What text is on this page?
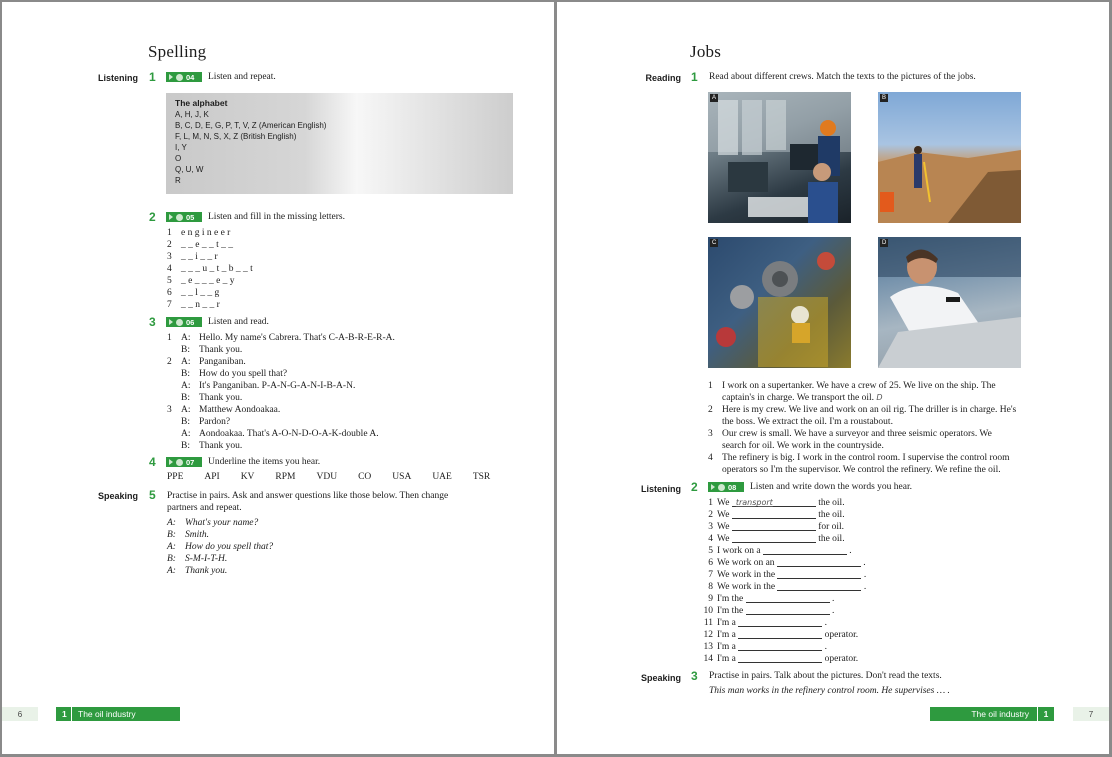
Spelling
Listening 1	04 Listen and repeat.
The alphabet
A, H, J, K
B, C, D, E, G, P, T, V, Z (American English)
F, L, M, N, S, X, Z (British English)
I, Y
O
Q, U, W
R
2	05 Listen and fill in the missing letters.
1 e n g i n e e r
2 _ _ e _ _ t _ _
3 _ _ i _ _ r
4 _ _ _ u _ t _ b _ _ t
5 _ e _ _ _ e _ y
6 _ _ l _ _ g
7 _ _ n _ _ r
3	06 Listen and read.
1 A: Hello. My name's Cabrera. That's C-A-B-R-E-R-A.
B: Thank you.
2 A: Panganiban.
B: How do you spell that?
A: It's Panganiban. P-A-N-G-A-N-I-B-A-N.
B: Thank you.
3 A: Matthew Aondoakaa.
B: Pardon?
A: Aondoakaa. That's A-O-N-D-O-A-K-double A.
B: Thank you.
4	07 Underline the items you hear.
PPE API KV RPM VDU CO USA UAE TSR
Speaking 5 Practise in pairs. Ask and answer questions like those below. Then change
partners and repeat.
A: What's your name?
B: Smith.
A: How do you spell that?
B: S-M-I-T-H.
A: Thank you.
6	1 The oil industry
Jobs
Reading 1 Read about different crews. Match the texts to the pictures of the jobs.
A	B
C	D
1 I work on a supertanker. We have a crew of 25. We live on the ship. The
captain's in charge. We transport the oil. D
2 Here is my crew. We live and work on an oil rig. The driller is in charge. He's
the boss. We extract the oil. I'm a roustabout.
3 Our crew is small. We have a surveyor and three seismic operators. We
search for oil. We work in the countryside.
4 The refinery is big. I work in the control room. I supervise the control room
operators so I'm the supervisor. We control the refinery. We refine the oil.
Listening 2	08 Listen and write down the words you hear.
1 We
transport
	the oil.
2 We

	the oil.
3 We

	for oil.
4 We

	the oil.
5 I work on a

	.
6 We work on an

	.
7 We work in the

	.
8 We work in the

	.
9 I'm the

	.
10 I'm the

	.
11 I'm a

	.
12 I'm a

	operator.
13 I'm a

	.
14 I'm a

	operator.
Speaking 3 Practise in pairs. Talk about the pictures. Don't read the texts.
This man works in the refinery control room. He supervises … .
The oil industry	1	7
